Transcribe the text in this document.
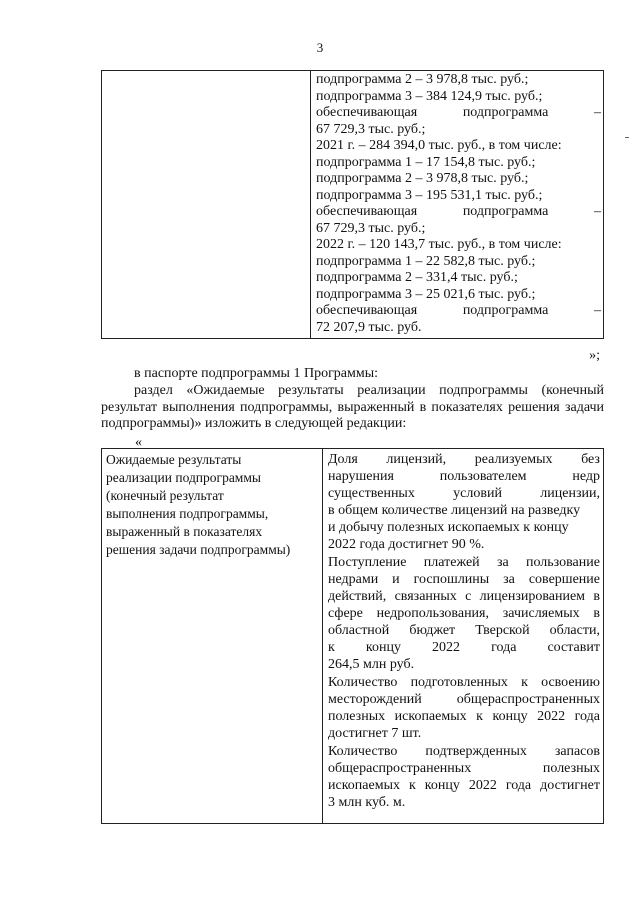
3

подпрограмма 2 – 3 978,8 тыс. руб.;
подпрограмма 3 – 384 124,9 тыс. руб.;
обеспечивающая	подпрограмма	–
67 729,3 тыс. руб.;
2021 г. – 284 394,0 тыс. руб., в том числе:
подпрограмма 1 – 17 154,8 тыс. руб.;
подпрограмма 2 – 3 978,8 тыс. руб.;
подпрограмма 3 – 195 531,1 тыс. руб.;
обеспечивающая	подпрограмма	–
67 729,3 тыс. руб.;
2022 г. – 120 143,7 тыс. руб., в том числе:
подпрограмма 1 – 22 582,8 тыс. руб.;
подпрограмма 2 – 331,4 тыс. руб.;
подпрограмма 3 – 25 021,6 тыс. руб.;
обеспечивающая	подпрограмма	–
72 207,9 тыс. руб.
»;
в паспорте подпрограммы 1 Программы:
раздел «Ожидаемые результаты реализации подпрограммы (конечный результат выполнения подпрограммы, выраженный в показателях решения задачи подпрограммы)» изложить в следующей редакции:
«
Ожидаемые результаты
реализации подпрограммы
(конечный результат
выполнения подпрограммы,
выраженный в показателях
решения задачи подпрограммы)

Доля лицензий, реализуемых без
нарушения	пользователем	недр
существенных	условий	лицензии,
в общем количестве лицензий на разведку
и добычу полезных ископаемых к концу
2022 года достигнет 90 %.
Поступление платежей за пользование
недрами и госпошлины за совершение
действий, связанных с лицензированием в
сфере недропользования, зачисляемых в
областной бюджет Тверской области,
к концу 2022 года составит
264,5 млн руб.
Количество подготовленных к освоению
месторождений	общераспространенных
полезных ископаемых к концу 2022 года
достигнет 7 шт.
Количество подтвержденных запасов
общераспространенных	полезных
ископаемых к концу 2022 года достигнет
3 млн куб. м.
